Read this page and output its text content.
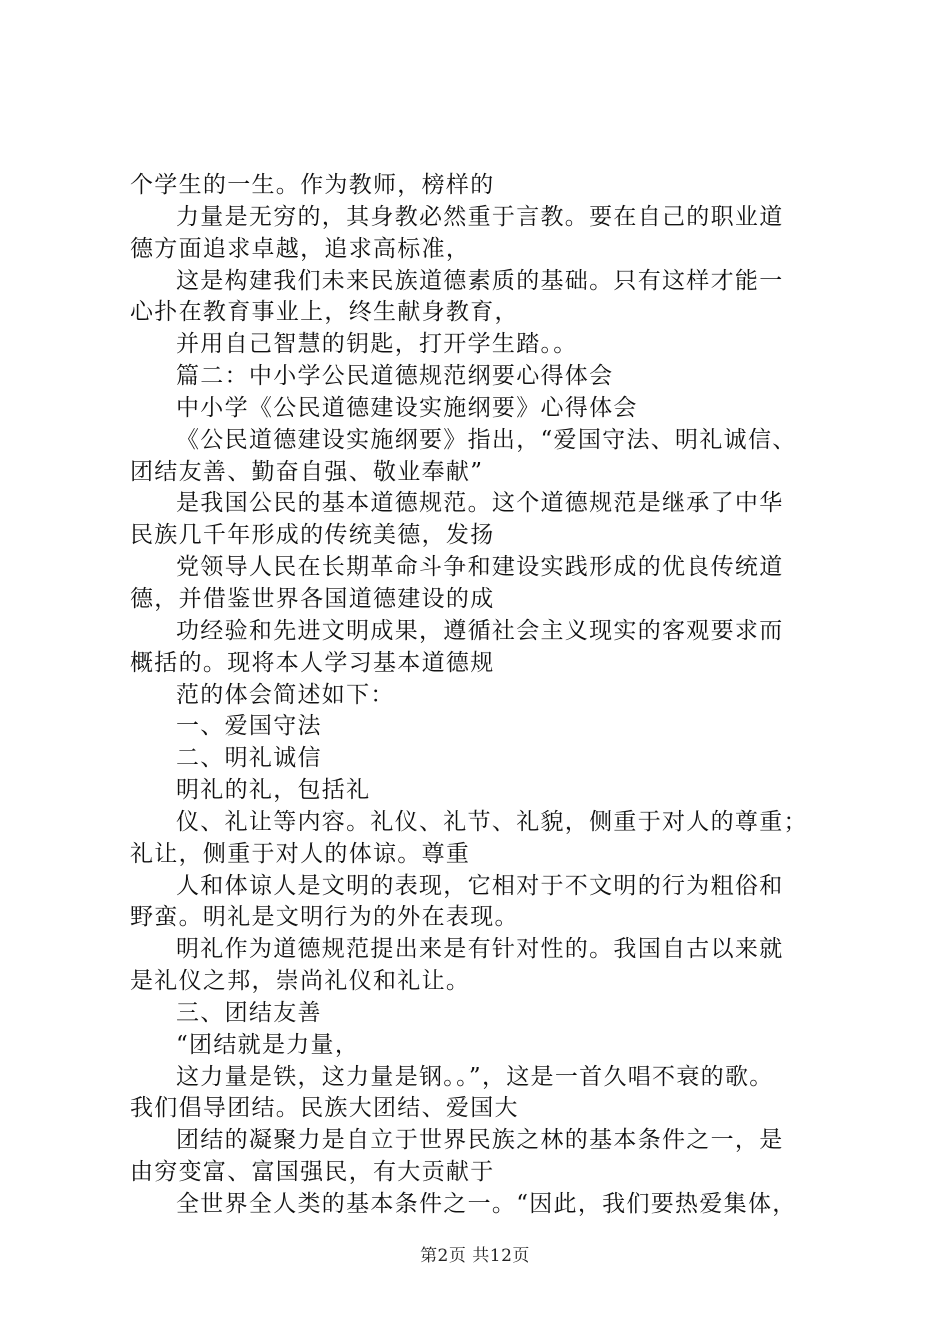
个学生的一生。作为教师，榜样的
力量是无穷的，其身教必然重于言教。要在自己的职业道
德方面追求卓越，追求高标准，
这是构建我们未来民族道德素质的基础。只有这样才能一
心扑在教育事业上，终生献身教育，
并用自己智慧的钥匙，打开学生踏。。
篇二：中小学公民道德规范纲要心得体会
中小学《公民道德建设实施纲要》心得体会
《公民道德建设实施纲要》指出，“爱国守法、明礼诚信、
团结友善、勤奋自强、敬业奉献”
是我国公民的基本道德规范。这个道德规范是继承了中华
民族几千年形成的传统美德，发扬
党领导人民在长期革命斗争和建设实践形成的优良传统道
德，并借鉴世界各国道德建设的成
功经验和先进文明成果，遵循社会主义现实的客观要求而
概括的。现将本人学习基本道德规
范的体会简述如下：
一、爱国守法
二、明礼诚信
明礼的礼，包括礼
仪、礼让等内容。礼仪、礼节、礼貌，侧重于对人的尊重；
礼让，侧重于对人的体谅。尊重
人和体谅人是文明的表现，它相对于不文明的行为粗俗和
野蛮。明礼是文明行为的外在表现。
明礼作为道德规范提出来是有针对性的。我国自古以来就
是礼仪之邦，崇尚礼仪和礼让。
三、团结友善
“团结就是力量，
这力量是铁，这力量是钢。。”，这是一首久唱不衰的歌。
我们倡导团结。民族大团结、爱国大
团结的凝聚力是自立于世界民族之林的基本条件之一，是
由穷变富、富国强民，有大贡献于
全世界全人类的基本条件之一。“因此，我们要热爱集体，
第2页 共12页
